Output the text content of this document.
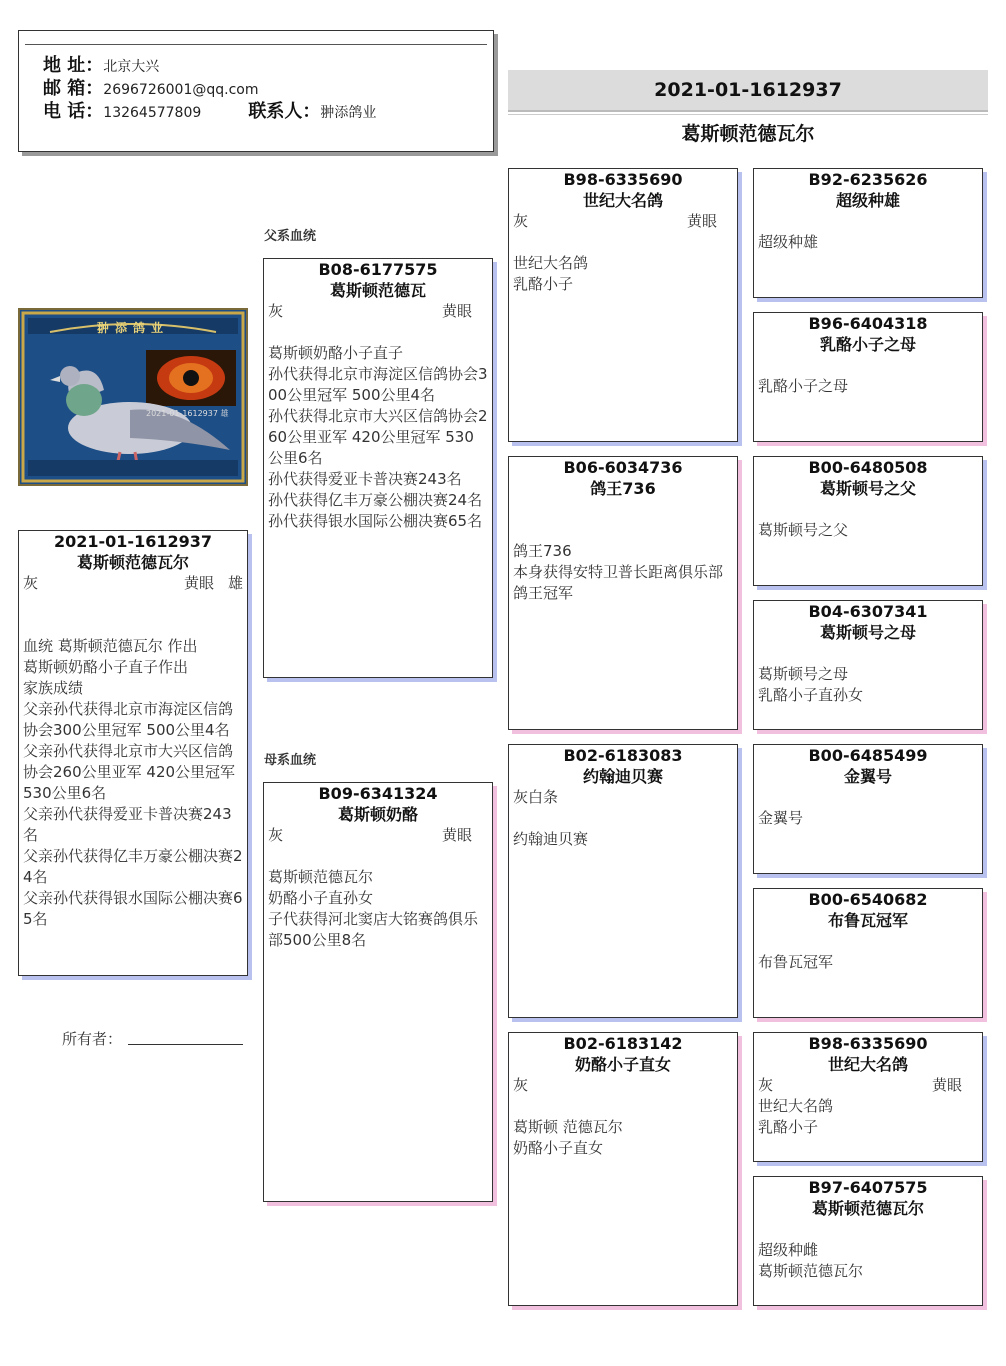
地 址：北京大兴
邮 箱：2696726001@qq.com
电 话：13264577809	联系人：翀添鸽业
2021-01-1612937
葛斯顿范德瓦尔
翀添鸽业
2021-01-1612937 雄
2021-01-1612937
葛斯顿范德瓦尔
灰	黄眼 雄
血统 葛斯顿范德瓦尔 作出
葛斯顿奶酪小子直子作出
家族成绩
父亲孙代获得北京市海淀区信鸽协会300公里冠军 500公里4名
父亲孙代获得北京市大兴区信鸽协会260公里亚军 420公里冠军 530公里6名
父亲孙代获得爱亚卡普决赛243名
父亲孙代获得亿丰万豪公棚决赛24名
父亲孙代获得银水国际公棚决赛65名
所有者：
父系血统
母系血统
B08-6177575
葛斯顿范德瓦
灰	黄眼
葛斯顿奶酪小子直子
孙代获得北京市海淀区信鸽协会300公里冠军 500公里4名
孙代获得北京市大兴区信鸽协会260公里亚军 420公里冠军 530公里6名
孙代获得爱亚卡普决赛243名
孙代获得亿丰万豪公棚决赛24名
孙代获得银水国际公棚决赛65名
B09-6341324
葛斯顿奶酪
灰	黄眼
葛斯顿范德瓦尔
奶酪小子直孙女
子代获得河北窦店大铭赛鸽俱乐部500公里8名
B98-6335690
世纪大名鸽
灰	黄眼
世纪大名鸽
乳酪小子
B06-6034736
鸽王736
鸽王736
本身获得安特卫普长距离俱乐部鸽王冠军
B02-6183083
约翰迪贝赛
灰白条
约翰迪贝赛
B02-6183142
奶酪小子直女
灰
葛斯顿 范德瓦尔
奶酪小子直女
B92-6235626
超级种雄
超级种雄
B96-6404318
乳酪小子之母
乳酪小子之母
B00-6480508
葛斯顿号之父
葛斯顿号之父
B04-6307341
葛斯顿号之母
葛斯顿号之母
乳酪小子直孙女
B00-6485499
金翼号
金翼号
B00-6540682
布鲁瓦冠军
布鲁瓦冠军
B98-6335690
世纪大名鸽
灰	黄眼
世纪大名鸽
乳酪小子
B97-6407575
葛斯顿范德瓦尔
超级种雌
葛斯顿范德瓦尔
